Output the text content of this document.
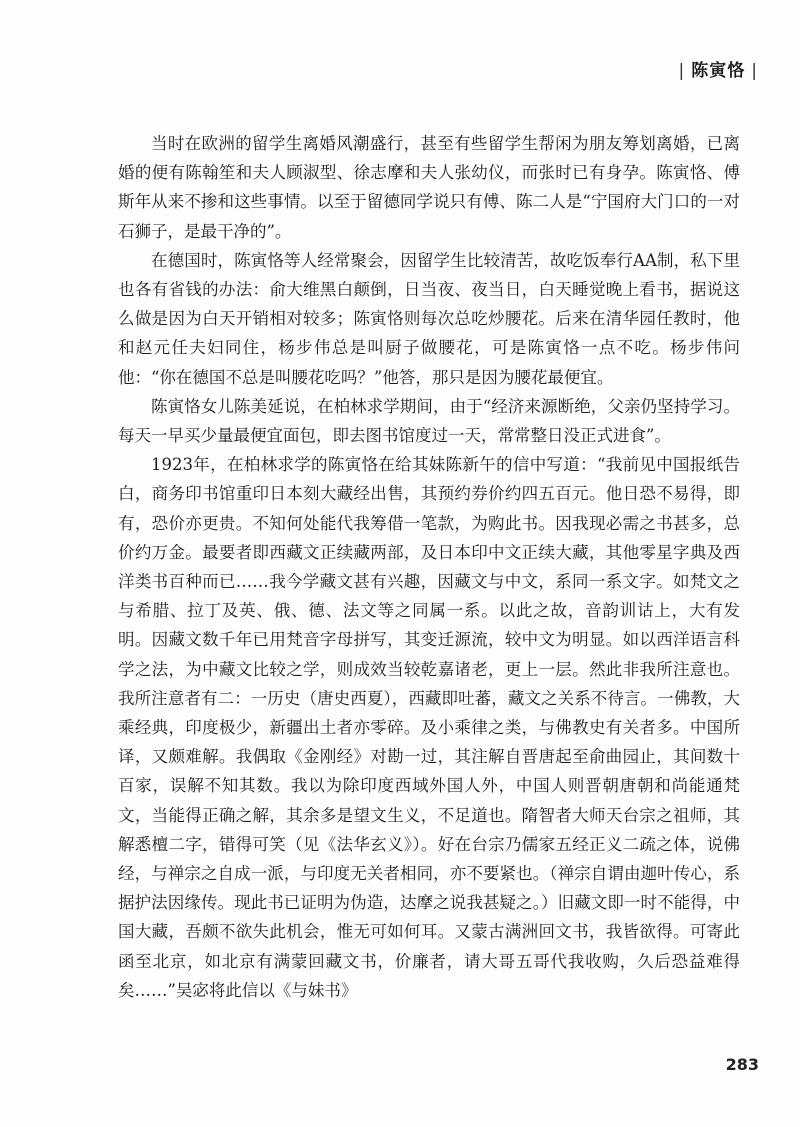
| 陈寅恪 |

当时在欧洲的留学生离婚风潮盛行，甚至有些留学生帮闲为朋友筹划离婚，已离婚的便有陈翰笙和夫人顾淑型、徐志摩和夫人张幼仪，而张时已有身孕。陈寅恪、傅斯年从来不掺和这些事情。以至于留德同学说只有傅、陈二人是“宁国府大门口的一对石狮子，是最干净的”。

在德国时，陈寅恪等人经常聚会，因留学生比较清苦，故吃饭奉行AA制，私下里也各有省钱的办法：俞大维黑白颠倒，日当夜、夜当日，白天睡觉晚上看书，据说这么做是因为白天开销相对较多；陈寅恪则每次总吃炒腰花。后来在清华园任教时，他和赵元任夫妇同住，杨步伟总是叫厨子做腰花，可是陈寅恪一点不吃。杨步伟问他：“你在德国不总是叫腰花吃吗？”他答，那只是因为腰花最便宜。

陈寅恪女儿陈美延说，在柏林求学期间，由于“经济来源断绝，父亲仍坚持学习。每天一早买少量最便宜面包，即去图书馆度过一天，常常整日没正式进食”。

1923年，在柏林求学的陈寅恪在给其妹陈新午的信中写道：“我前见中国报纸告白，商务印书馆重印日本刻大藏经出售，其预约券价约四五百元。他日恐不易得，即有，恐价亦更贵。不知何处能代我筹借一笔款，为购此书。因我现必需之书甚多，总价约万金。最要者即西藏文正续藏两部，及日本印中文正续大藏，其他零星字典及西洋类书百种而已……我今学藏文甚有兴趣，因藏文与中文，系同一系文字。如梵文之与希腊、拉丁及英、俄、德、法文等之同属一系。以此之故，音韵训诂上，大有发明。因藏文数千年已用梵音字母拼写，其变迁源流，较中文为明显。如以西洋语言科学之法，为中藏文比较之学，则成效当较乾嘉诸老，更上一层。然此非我所注意也。我所注意者有二：一历史（唐史西夏），西藏即吐蕃，藏文之关系不待言。一佛教，大乘经典，印度极少，新疆出土者亦零碎。及小乘律之类，与佛教史有关者多。中国所译，又颇难解。我偶取《金刚经》对勘一过，其注解自晋唐起至俞曲园止，其间数十百家，误解不知其数。我以为除印度西域外国人外，中国人则晋朝唐朝和尚能通梵文，当能得正确之解，其余多是望文生义，不足道也。隋智者大师天台宗之祖师，其解悉檀二字，错得可笑（见《法华玄义》）。好在台宗乃儒家五经正义二疏之体，说佛经，与禅宗之自成一派，与印度无关者相同，亦不要紧也。（禅宗自谓由迦叶传心，系据护法因缘传。现此书已证明为伪造，达摩之说我甚疑之。）旧藏文即一时不能得，中国大藏，吾颇不欲失此机会，惟无可如何耳。又蒙古满洲回文书，我皆欲得。可寄此函至北京，如北京有满蒙回藏文书，价廉者，请大哥五哥代我收购，久后恐益难得矣……”吴宓将此信以《与妹书》

283
